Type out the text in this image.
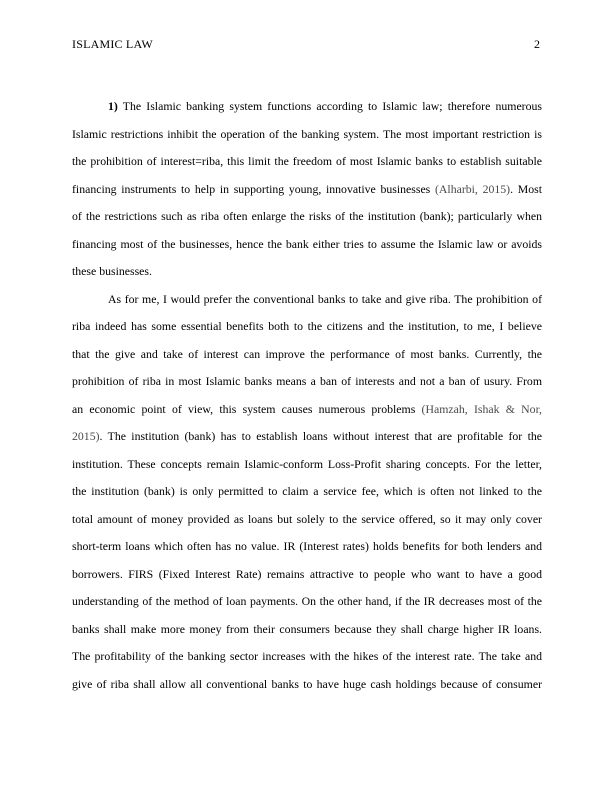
ISLAMIC LAW	2
1) The Islamic banking system functions according to Islamic law; therefore numerous
Islamic restrictions inhibit the operation of the banking system. The most important restriction is
the prohibition of interest=riba, this limit the freedom of most Islamic banks to establish suitable
financing instruments to help in supporting young, innovative businesses (Alharbi, 2015). Most
of the restrictions such as riba often enlarge the risks of the institution (bank); particularly when
financing most of the businesses, hence the bank either tries to assume the Islamic law or avoids
these businesses.
As for me, I would prefer the conventional banks to take and give riba. The prohibition of
riba indeed has some essential benefits both to the citizens and the institution, to me, I believe
that the give and take of interest can improve the performance of most banks. Currently, the
prohibition of riba in most Islamic banks means a ban of interests and not a ban of usury. From
an economic point of view, this system causes numerous problems (Hamzah, Ishak & Nor,
2015). The institution (bank) has to establish loans without interest that are profitable for the
institution. These concepts remain Islamic-conform Loss-Profit sharing concepts. For the letter,
the institution (bank) is only permitted to claim a service fee, which is often not linked to the
total amount of money provided as loans but solely to the service offered, so it may only cover
short-term loans which often has no value. IR (Interest rates) holds benefits for both lenders and
borrowers. FIRS (Fixed Interest Rate) remains attractive to people who want to have a good
understanding of the method of loan payments. On the other hand, if the IR decreases most of the
banks shall make more money from their consumers because they shall charge higher IR loans.
The profitability of the banking sector increases with the hikes of the interest rate. The take and
give of riba shall allow all conventional banks to have huge cash holdings because of consumer
